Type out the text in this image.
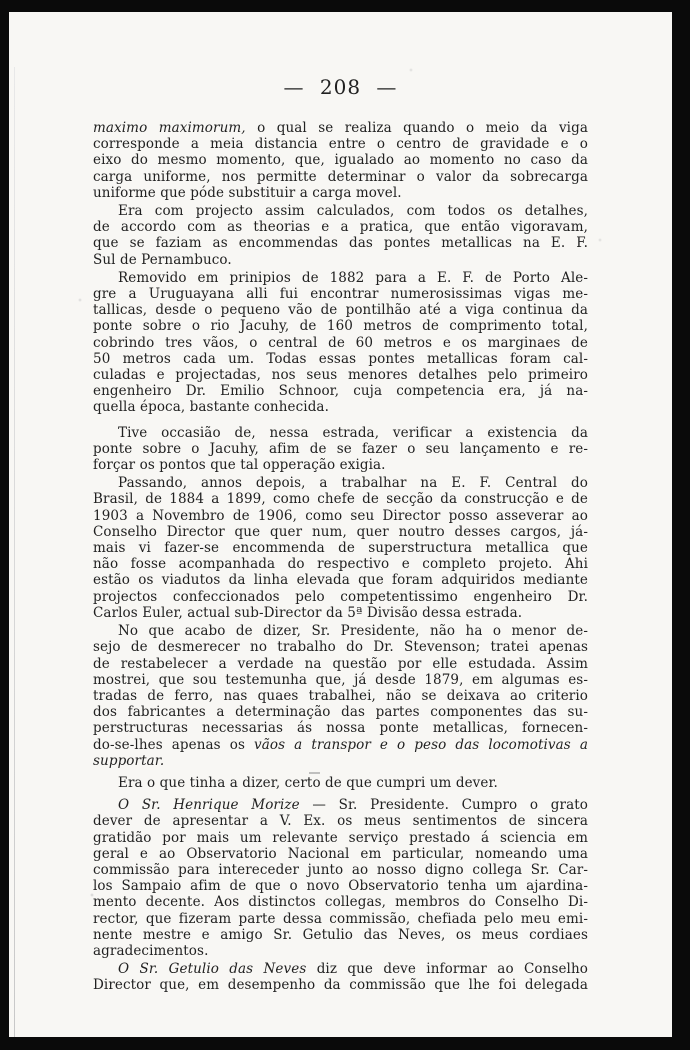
— 208 —
maximo maximorum, o qual se realiza quando o meio da viga
corresponde a meia distancia entre o centro de gravidade e o
eixo do mesmo momento, que, igualado ao momento no caso da
carga uniforme, nos permitte determinar o valor da sobrecarga
uniforme que póde substituir a carga movel.
Era com projecto assim calculados, com todos os detalhes,
de accordo com as theorias e a pratica, que então vigoravam,
que se faziam as encommendas das pontes metallicas na E. F.
Sul de Pernambuco.
Removido em prinipios de 1882 para a E. F. de Porto Ale-
gre a Uruguayana alli fui encontrar numerosissimas vigas me-
tallicas, desde o pequeno vão de pontilhão até a viga continua da
ponte sobre o rio Jacuhy, de 160 metros de comprimento total,
cobrindo tres vãos, o central de 60 metros e os marginaes de
50 metros cada um. Todas essas pontes metallicas foram cal-
culadas e projectadas, nos seus menores detalhes pelo primeiro
engenheiro Dr. Emilio Schnoor, cuja competencia era, já na-
quella época, bastante conhecida.
Tive occasião de, nessa estrada, verificar a existencia da
ponte sobre o Jacuhy, afim de se fazer o seu lançamento e re-
forçar os pontos que tal opperação exigia.
Passando, annos depois, a trabalhar na E. F. Central do
Brasil, de 1884 a 1899, como chefe de secção da construcção e de
1903 a Novembro de 1906, como seu Director posso asseverar ao
Conselho Director que quer num, quer noutro desses cargos, já-
mais vi fazer-se encommenda de superstructura metallica que
não fosse acompanhada do respectivo e completo projeto. Ahi
estão os viadutos da linha elevada que foram adquiridos mediante
projectos confeccionados pelo competentissimo engenheiro Dr.
Carlos Euler, actual sub-Director da 5ª Divisão dessa estrada.
No que acabo de dizer, Sr. Presidente, não ha o menor de-
sejo de desmerecer no trabalho do Dr. Stevenson; tratei apenas
de restabelecer a verdade na questão por elle estudada. Assim
mostrei, que sou testemunha que, já desde 1879, em algumas es-
tradas de ferro, nas quaes trabalhei, não se deixava ao criterio
dos fabricantes a determinação das partes componentes das su-
perstructuras necessarias ás nossa ponte metallicas, fornecen-
do-se-lhes apenas os vãos a transpor e o peso das locomotivas a
supportar.
Era o que tinha a dizer, certo de que cumpri um dever.
O Sr. Henrique Morize — Sr. Presidente. Cumpro o grato
dever de apresentar a V. Ex. os meus sentimentos de sincera
gratidão por mais um relevante serviço prestado á sciencia em
geral e ao Observatorio Nacional em particular, nomeando uma
commissão para intereceder junto ao nosso digno collega Sr. Car-
los Sampaio afim de que o novo Observatorio tenha um ajardina-
mento decente. Aos distinctos collegas, membros do Conselho Di-
rector, que fizeram parte dessa commissão, chefiada pelo meu emi-
nente mestre e amigo Sr. Getulio das Neves, os meus cordiaes
agradecimentos.
O Sr. Getulio das Neves diz que deve informar ao Conselho
Director que, em desempenho da commissão que lhe foi delegada
